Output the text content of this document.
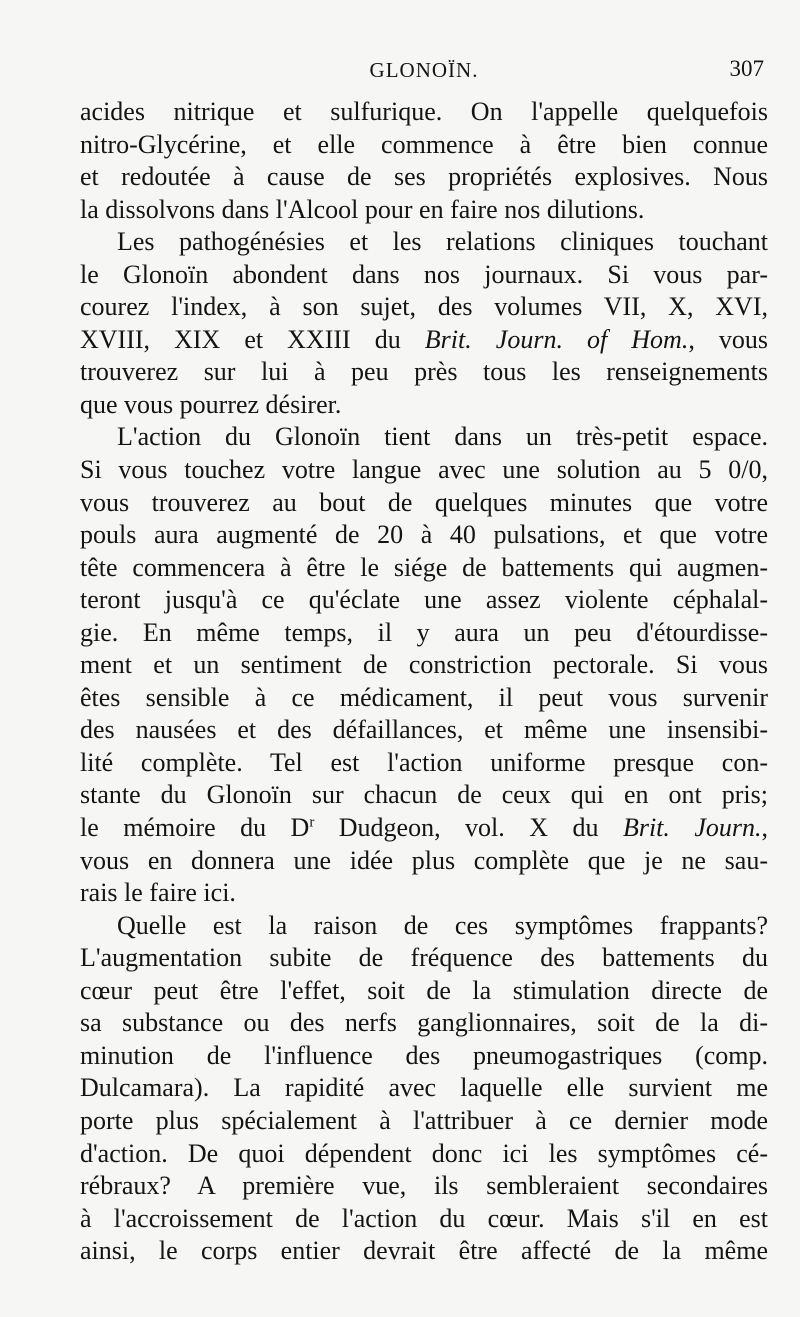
GLONOÏN.	307
acides nitrique et sulfurique. On l'appelle quelquefois
nitro-Glycérine, et elle commence à être bien connue
et redoutée à cause de ses propriétés explosives. Nous
la dissolvons dans l'Alcool pour en faire nos dilutions.
Les pathogénésies et les relations cliniques touchant
le Glonoïn abondent dans nos journaux. Si vous par-
courez l'index, à son sujet, des volumes VII, X, XVI,
XVIII, XIX et XXIII du Brit. Journ. of Hom., vous
trouverez sur lui à peu près tous les renseignements
que vous pourrez désirer.
L'action du Glonoïn tient dans un très-petit espace.
Si vous touchez votre langue avec une solution au 5 0/0,
vous trouverez au bout de quelques minutes que votre
pouls aura augmenté de 20 à 40 pulsations, et que votre
tête commencera à être le siége de battements qui augmen-
teront jusqu'à ce qu'éclate une assez violente céphalal-
gie. En même temps, il y aura un peu d'étourdisse-
ment et un sentiment de constriction pectorale. Si vous
êtes sensible à ce médicament, il peut vous survenir
des nausées et des défaillances, et même une insensibi-
lité complète. Tel est l'action uniforme presque con-
stante du Glonoïn sur chacun de ceux qui en ont pris;
le mémoire du $D^r$ Dudgeon, vol. X du Brit. Journ.,
vous en donnera une idée plus complète que je ne sau-
rais le faire ici.
Quelle est la raison de ces symptômes frappants?
L'augmentation subite de fréquence des battements du
cœur peut être l'effet, soit de la stimulation directe de
sa substance ou des nerfs ganglionnaires, soit de la di-
minution de l'influence des pneumogastriques (comp.
Dulcamara). La rapidité avec laquelle elle survient me
porte plus spécialement à l'attribuer à ce dernier mode
d'action. De quoi dépendent donc ici les symptômes cé-
rébraux? A première vue, ils sembleraient secondaires
à l'accroissement de l'action du cœur. Mais s'il en est
ainsi, le corps entier devrait être affecté de la même
